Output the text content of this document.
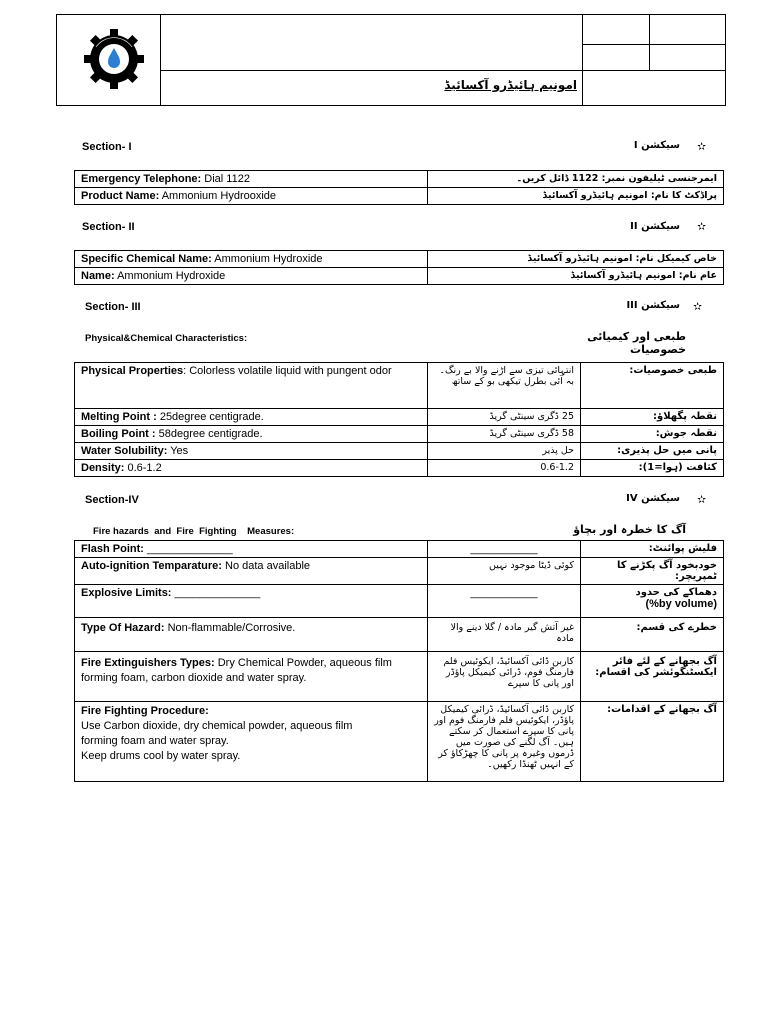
امونیم ہائیڈرو آکسائیڈ
Section- I	سیکشن I ✫
Emergency Telephone: Dial 1122	ایمرجنسی ٹیلیفون نمبر: 1122 ڈائل کریں۔
Product Name: Ammonium Hydrooxide	پراڈکٹ کا نام: امونیم ہائیڈرو آکسائیڈ
Section- II	سیکشن II ✫
Specific Chemical Name: Ammonium Hydroxide	خاص کیمیکل نام: امونیم ہائیڈرو آکسائیڈ
Name: Ammonium Hydroxide	عام نام: امونیم ہائیڈرو آکسائیڈ
Section- III	سیکشن III ✫
Physical&Chemical Characteristics:	طبعی اور کیمیائی خصوصیات
Physical Properties: Colorless volatile liquid with pungent odor	انتہائی تیزی سے اڑنے والا بے رنگ۔ بہ آئی بطرل تیکھی بو کے ساتھ	طبعی خصوصیات:
Melting Point : 25degree centigrade.	25 ڈگری سینٹی گریڈ	نقطہ پگھلاؤ:
Boiling Point : 58degree centigrade.	58 ڈگری سینٹی گریڈ	نقطہ جوش:
Water Solubility: Yes	حل پذیر	پانی میں حل پذیری:
Density: 0.6-1.2	0.6-1.2	کثافت (ہوا=1):
Section-IV	سیکشن IV ✫
Fire hazards  and  Fire  Fighting    Measures:	آگ کا خطرہ اور بچاؤ
Flash Point: ______________	___________	فلیش پوائنٹ:
Auto-ignition Temparature: No data available	کوئی ڈیٹا موجود نہیں	خودبخود آگ پکڑنے کا ٹمپریچر:
Explosive Limits: ______________	___________	دھماکے کی حدود
(%by volume)

Type Of Hazard: Non-flammable/Corrosive.	غیر آتش گیر مادہ / گلا دینے والا مادہ	خطرے کی قسم:
Fire Extinguishers Types: Dry Chemical Powder, aqueous film forming foam, carbon dioxide and water spray.	کاربن ڈائی آکسائیڈ، ایکوئیس فلم فارمنگ فوم، ڈرائی کیمیکل پاؤڈر اور پانی کا سپرے	آگ بجھانے کے لئے فائر ایکسٹنگوئشر کی اقسام:

Fire Fighting Procedure:
Use Carbon dioxide, dry chemical powder, aqueous film
forming foam and water spray.
Keep drums cool by water spray.	کاربن ڈائی آکسائیڈ، ڈرائی کیمیکل پاؤڈر، ایکوئیس فلم فارمنگ فوم اور پانی کا سپرے استعمال کر سکتے ہیں۔ آگ لگنے کی صورت میں ڈرموں وغیرہ پر پانی کا چھڑکاؤ کر کے انہیں ٹھنڈا رکھیں۔	آگ بجھانے کے اقدامات:
